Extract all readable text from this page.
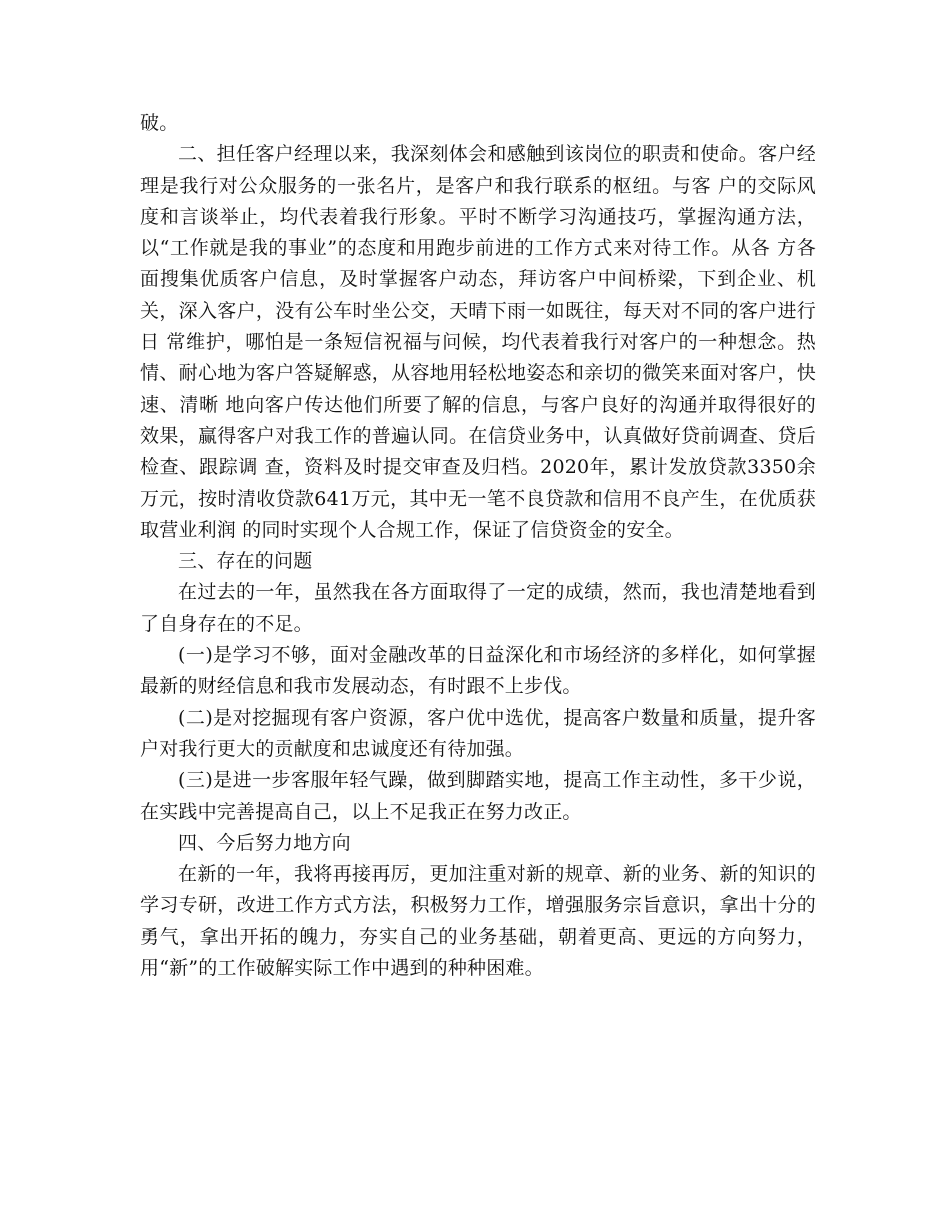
破。

二、担任客户经理以来，我深刻体会和感触到该岗位的职责和使命。客户经理是我行对公众服务的一张名片，是客户和我行联系的枢纽。与客 户的交际风度和言谈举止，均代表着我行形象。平时不断学习沟通技巧，掌握沟通方法，以“工作就是我的事业”的态度和用跑步前进的工作方式来对待工作。从各 方各面搜集优质客户信息，及时掌握客户动态，拜访客户中间桥梁，下到企业、机关，深入客户，没有公车时坐公交，天晴下雨一如既往，每天对不同的客户进行日 常维护，哪怕是一条短信祝福与问候，均代表着我行对客户的一种想念。热情、耐心地为客户答疑解惑，从容地用轻松地姿态和亲切的微笑来面对客户，快速、清晰 地向客户传达他们所要了解的信息，与客户良好的沟通并取得很好的效果，赢得客户对我工作的普遍认同。在信贷业务中，认真做好贷前调查、贷后检查、跟踪调 查，资料及时提交审查及归档。2020年，累计发放贷款3350余万元，按时清收贷款641万元，其中无一笔不良贷款和信用不良产生，在优质获取营业利润 的同时实现个人合规工作，保证了信贷资金的安全。

三、存在的问题

在过去的一年，虽然我在各方面取得了一定的成绩，然而，我也清楚地看到了自身存在的不足。

(一)是学习不够，面对金融改革的日益深化和市场经济的多样化，如何掌握最新的财经信息和我市发展动态，有时跟不上步伐。

(二)是对挖掘现有客户资源，客户优中选优，提高客户数量和质量，提升客户对我行更大的贡献度和忠诚度还有待加强。

(三)是进一步客服年轻气躁，做到脚踏实地，提高工作主动性，多干少说，在实践中完善提高自己，以上不足我正在努力改正。

四、今后努力地方向

在新的一年，我将再接再厉，更加注重对新的规章、新的业务、新的知识的学习专研，改进工作方式方法，积极努力工作，增强服务宗旨意识，拿出十分的勇气，拿出开拓的魄力，夯实自己的业务基础，朝着更高、更远的方向努力，用“新”的工作破解实际工作中遇到的种种困难。
